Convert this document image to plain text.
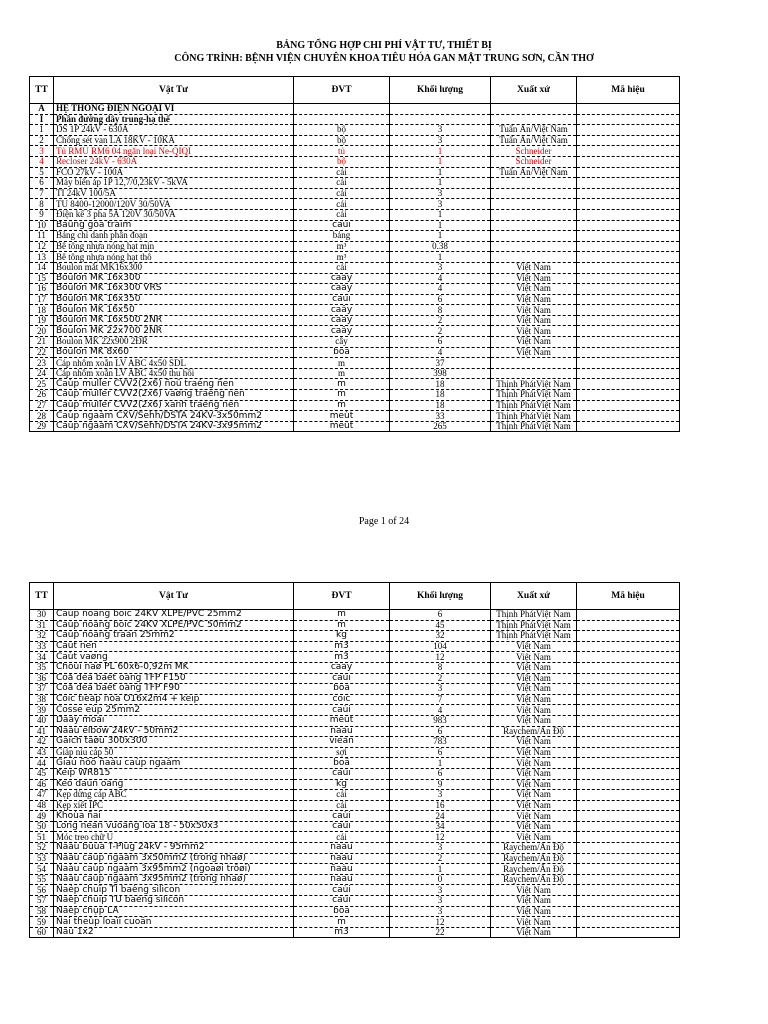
BẢNG TỔNG HỢP CHI PHÍ VẬT TƯ, THIẾT BỊ
CÔNG TRÌNH: BỆNH VIỆN CHUYÊN KHOA TIÊU HÓA GAN MẬT TRUNG SƠN, CẦN THƠ
TT	Vật Tư	ĐVT	Khối lượng	Xuất xứ	Mã hiệu
A	HỆ THỐNG ĐIỆN NGOẠI VI				
I	Phần đường dây trung-hạ thế				
1	DS 1P 24kV - 630A	bộ	3	Tuấn Ân/Việt Nam	
2	Chống sét van LA 18KV - 10KA	bộ	3	Tuấn Ân/Việt Nam	
3	Tủ RMU RM6 04 ngăn loại Ne-QIQI	tủ	1	Schneider	
4	Recloser 24kV - 630A	bộ	1	Schneider	
5	FCO 27kV - 100A	cái	1	Tuấn Ân/Việt Nam	
6	Máy biến áp 1P 12,7/0,23kV - 5kVA	cái	1		
7	TI 24kV 100/5A	cái	3		
8	TU 8400-12000/120V 30/50VA	cái	3		
9	Điện kế 3 pha 5A 120V 30/50VA	cái	1		
10	Baûng goã traïm	caùi	1		
11	Bảng chỉ danh phân đoạn	bảng	1		
12	Bê tông nhựa nóng hạt mịn	m³	0.38		
13	Bê tông nhựa nóng hạt thô	m³	1		
14	Boulon mắt MK16x300	cái	3	Việt Nam	
15	Boulon MK 16x300	caây	4	Việt Nam	
16	Boulon MK 16x300 VRS	caây	4	Việt Nam	
17	Boulon MK 16x350	caùi	6	Việt Nam	
18	Boulon MK 16x50	caây	8	Việt Nam	
19	Boulon MK 16x500 2ÑR	caây	2	Việt Nam	
20	Boulon MK 22x700 2ÑR	caây	2	Việt Nam	
21	Boulon MK 22x900 2ĐR	cây	6	Việt Nam	
22	Boulon MK 8x60	boä	4	Việt Nam	
23	Cáp nhôm xoắn LV ABC 4x50 SDL	m	37		
24	Cáp nhôm xoắn LV ABC 4x50 thu hồi	m	398		
25	Caùp muller CVV2(2x6) ñoû traéng ñen	m	18	Thịnh PhátViệt Nam	
26	Caùp muller CVV2(2x6) vaøng traéng ñen	m	18	Thịnh PhátViệt Nam	
27	Caùp muller CVV2(2x6) xanh traéng ñen	m	18	Thịnh PhátViệt Nam	
28	Caùp ngaàm CXV/Sehh/DSTA 24KV-3x50mm2	meùt	33	Thịnh PhátViệt Nam	
29	Caùp ngaàm CXV/Sehh/DSTA 24KV-3x95mm2	meùt	265	Thịnh PhátViệt Nam	
Page 1 of 24
TT	Vật Tư	ĐVT	Khối lượng	Xuất xứ	Mã hiệu
30	Caùp ñoàng boïc 24KV XLPE/PVC 25mm2	m	6	Thịnh PhátViệt Nam	
31	Caùp ñoàng boïc 24KV XLPE/PVC 50mm2	m	45	Thịnh PhátViệt Nam	
32	Caùp ñoàng traàn 25mm2	kg	32	Thịnh PhátViệt Nam	
33	Caùt ñen	m3	104	Việt Nam	
34	Caùt vaøng	m3	12	Việt Nam	
35	Choùi ñaø PL 60x6-0,92m MK	caây	8	Việt Nam	
36	Coå deà baét oáng TFP F150	caùi	2	Việt Nam	
37	Coå deà baét oáng TFP F90	boä	3	Việt Nam	
38	Coïc tieáp ñòa O16x2m4 + keïp	coïc	7	Việt Nam	
39	Cosse eùp 25mm2	caùi	4	Việt Nam	
40	Daây moài	meùt	983	Việt Nam	
41	Ñaàu elbow 24kV - 50mm2	ñaàu	6	Raychem/Ấn Độ	
42	Gaïch taøu 300x300	vieân	783	Việt Nam	
43	Giáp níu cáp 50	sợi	6	Việt Nam	
44	Giaù ñôõ ñaàu caùp ngaàm	boä	1	Việt Nam	
45	Keïp WR815	caùi	6	Việt Nam	
46	Keo daùn oáng	kg	9	Việt Nam	
47	Kẹp dừng cáp ABC	cái	3	Việt Nam	
48	Kẹp xiết IPC	cái	16	Việt Nam	
49	Khoùa ñai	caùi	24	Việt Nam	
50	Long ñeàn vuoâng loã 18 - 50x50x3	caùi	34	Việt Nam	
51	Móc treo chữ U	cái	12	Việt Nam	
52	Ñaàu buùa T-Plug 24kV - 95mm2	ñaàu	3	Raychem/Ấn Độ	
53	Ñaàu caùp ngaàm 3x50mm2 (trong nhaø)	ñaàu	2	Raychem/Ấn Độ	
54	Ñaàu caùp ngaàm 3x95mm2 (ngoaøi trôøi)	ñaàu	1	Raychem/Ấn Độ	
55	Ñaàu caùp ngaàm 3x95mm2 (trong nhaø)	ñaàu	0	Raychem/Ấn Độ	
56	Naép chuïp TI baèng silicon	caùi	3	Việt Nam	
57	Naép chuïp TU baèng silicon	caùi	3	Việt Nam	
58	Naép chụp LA	boä	3	Việt Nam	
59	Ñai theùp loaïi cuoän	m	12	Việt Nam	
60	Ñaù 1x2	m3	22	Việt Nam	
